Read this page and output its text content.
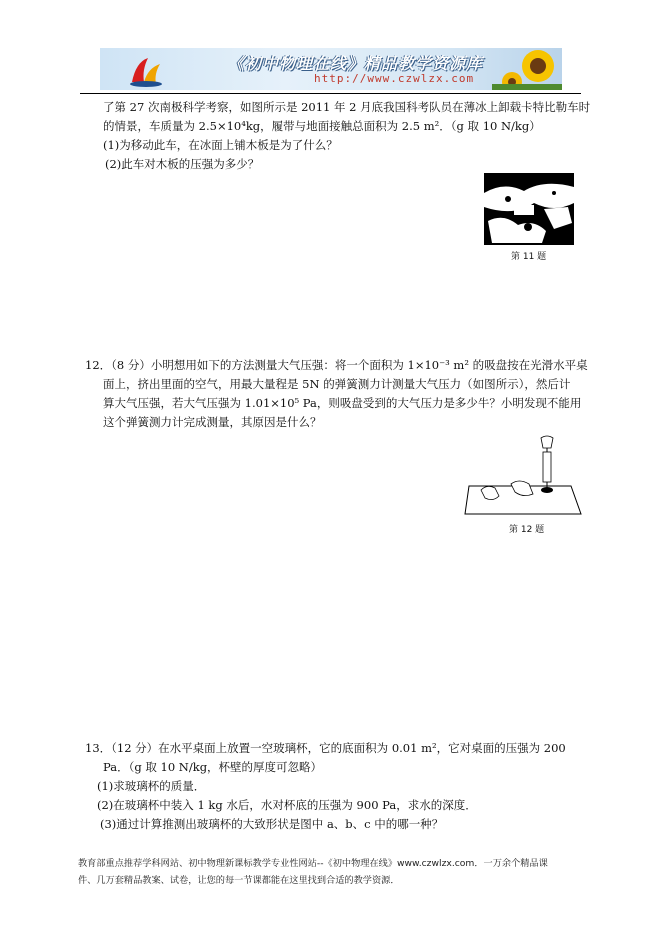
《初中物理在线》精品教学资源库
http://www.czwlzx.com
了第 27 次南极科学考察，如图所示是 2011 年 2 月底我国科考队员在薄冰上卸载卡特比勒车时
的情景，车质量为 2.5×10⁴kg，履带与地面接触总面积为 2.5 m²．（g 取 10 N/kg）
(1)为移动此车，在冰面上铺木板是为了什么？
(2)此车对木板的压强为多少？
第 11 题
12．（8 分）小明想用如下的方法测量大气压强：将一个面积为 1×10⁻³ m² 的吸盘按在光滑水平桌
面上，挤出里面的空气，用最大量程是 5N 的弹簧测力计测量大气压力（如图所示），然后计
算大气压强，若大气压强为 1.01×10⁵ Pa，则吸盘受到的大气压力是多少牛？小明发现不能用
这个弹簧测力计完成测量，其原因是什么？
第 12 题
13．（12 分）在水平桌面上放置一空玻璃杯，它的底面积为 0.01 m²，它对桌面的压强为 200
Pa．（g 取 10 N/kg，杯壁的厚度可忽略）
(1)求玻璃杯的质量．
(2)在玻璃杯中装入 1 kg 水后，水对杯底的压强为 900 Pa，求水的深度．
(3)通过计算推测出玻璃杯的大致形状是图中 a、b、c 中的哪一种？
教育部重点推荐学科网站、初中物理新课标教学专业性网站--《初中物理在线》www.czwlzx.com．一万余个精品课
件、几万套精品教案、试卷，让您的每一节课都能在这里找到合适的教学资源．
